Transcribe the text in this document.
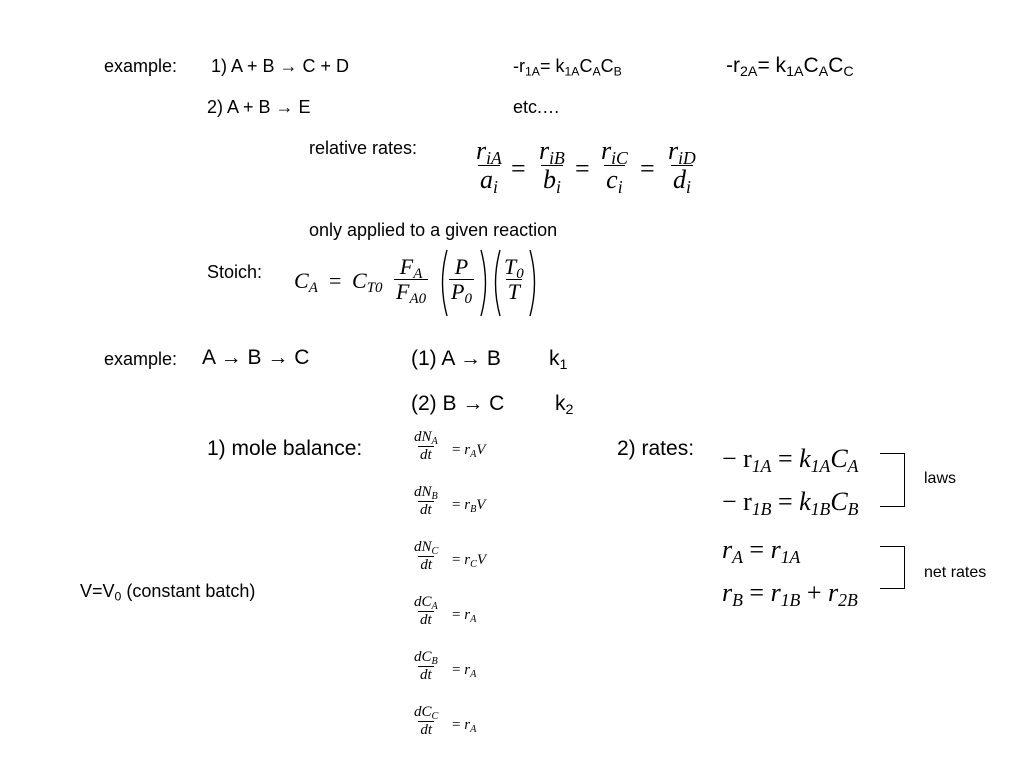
example: 1) A + B → C + D
2) A + B → E
$-r_{1A}= k_{1A}C_AC_B$	$-r_{2A}= k_{1A}C_AC_C$
etc.…
relative rates: $r_{iA}$
$a_i$
=
$r_{iB}$
$b_i$
=
$r_{iC}$
$c_i$
=
$r_{iD}$
$d_i$
only applied to a given reaction
Stoich: $C_A = C_{T0}$
$F_A$
$F_{A0}$
P
$P_0$
$T_0$
T
example: A → B → C	(1) A → B $k_1$
(2) B → C $k_2$
1) mole balance:	2) rates:
$V=V_0$ (constant batch)
$dN_A$
dt = $r_AV$
$dN_B$
dt = $r_BV$
$dN_C$
dt = $r_CV$
$dC_A$
dt = $r_A$
$dC_B$
dt = $r_A$
$dC_C$
dt = $r_A$
− $r_{1A} = k_{1A}C_A$
− $r_{1B} = k_{1B}C_B$
$r_A = r_{1A}$
$r_B = r_{1B} + r_{2B}$
laws
net rates
